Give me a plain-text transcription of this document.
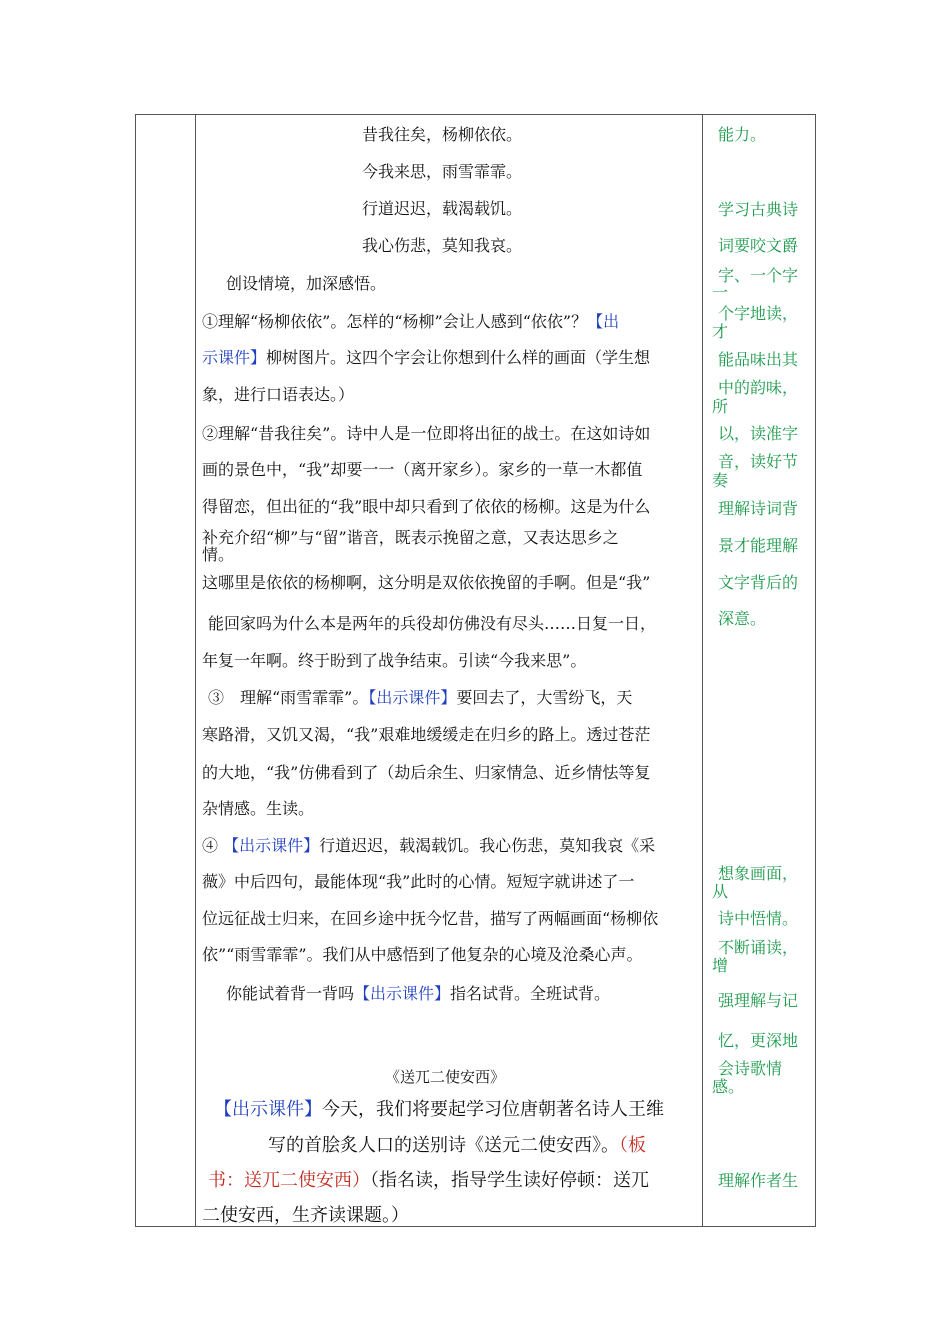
昔我往矣，杨柳依依。
今我来思，雨雪霏霏。
行道迟迟，载渴载饥。
我心伤悲，莫知我哀。
创设情境，加深感悟。
①理解“杨柳依依”。怎样的“杨柳”会让人感到“依依”？【出
示课件】柳树图片。这四个字会让你想到什么样的画面（学生想
象，进行口语表达。）
②理解“昔我往矣”。诗中人是一位即将出征的战士。在这如诗如
画的景色中，“我”却要一一（离开家乡）。家乡的一草一木都值
得留恋，但出征的“我”眼中却只看到了依依的杨柳。这是为什么
补充介绍“柳”与“留”谐音，既表示挽留之意，又表达思乡之
情。
这哪里是依依的杨柳啊，这分明是双依依挽留的手啊。但是“我”
能回家吗为什么本是两年的兵役却仿佛没有尽头……日复一日，
年复一年啊。终于盼到了战争结束。引读“今我来思”。
③　理解“雨雪霏霏”。【出示课件】要回去了，大雪纷飞，天
寒路滑，又饥又渴，“我”艰难地缓缓走在归乡的路上。透过苍茫
的大地，“我”仿佛看到了（劫后余生、归家情急、近乡情怯等复
杂情感。生读。
④ 【出示课件】行道迟迟，载渴载饥。我心伤悲，莫知我哀《采
薇》中后四句，最能体现“我”此时的心情。短短字就讲述了一
位远征战士归来，在回乡途中抚今忆昔，描写了两幅画面“杨柳依
依”“雨雪霏霏”。我们从中感悟到了他复杂的心境及沧桑心声。
你能试着背一背吗【出示课件】指名试背。全班试背。
《送兀二使安西》
【出示课件】今天，我们将要起学习位唐朝著名诗人王维
写的首脍炙人口的送别诗《送元二使安西》。（板
书：送兀二使安西）（指名读，指导学生读好停顿：送兀
二使安西，生齐读课题。）
能力。
学习古典诗
词要咬文爵
字、一个字
一
个字地读，
才
能品味出其
中的韵味，
所
以，读准字
音，读好节
奏
理解诗词背
景才能理解
文字背后的
深意。
想象画面，
从
诗中悟情。
不断诵读，
增
强理解与记
忆，更深地
会诗歌情
感。
理解作者生
